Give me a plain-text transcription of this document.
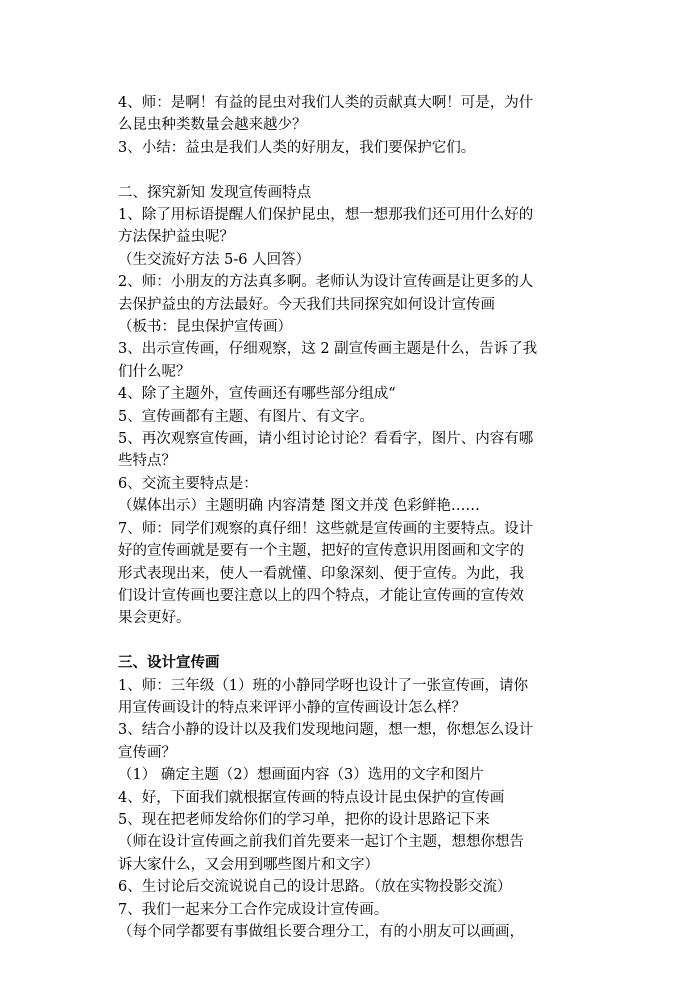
4、师：是啊！有益的昆虫对我们人类的贡献真大啊！可是，为什
么昆虫种类数量会越来越少？
3、小结：益虫是我们人类的好朋友，我们要保护它们。
二、探究新知 发现宣传画特点
1、除了用标语提醒人们保护昆虫，想一想那我们还可用什么好的
方法保护益虫呢？
（生交流好方法 5-6 人回答）
2、师：小朋友的方法真多啊。老师认为设计宣传画是让更多的人
去保护益虫的方法最好。今天我们共同探究如何设计宣传画
（板书：昆虫保护宣传画）
3、出示宣传画，仔细观察，这 2 副宣传画主题是什么，告诉了我
们什么呢？
4、除了主题外，宣传画还有哪些部分组成“
5、宣传画都有主题、有图片、有文字。
5、再次观察宣传画，请小组讨论讨论？看看字，图片、内容有哪
些特点？
6、交流主要特点是：
（媒体出示）主题明确 内容清楚 图文并茂 色彩鲜艳……
7、师：同学们观察的真仔细！这些就是宣传画的主要特点。设计
好的宣传画就是要有一个主题，把好的宣传意识用图画和文字的
形式表现出来，使人一看就懂、印象深刻、便于宣传。为此，我
们设计宣传画也要注意以上的四个特点，才能让宣传画的宣传效
果会更好。
三、设计宣传画
1、师：三年级（1）班的小静同学呀也设计了一张宣传画，请你
用宣传画设计的特点来评评小静的宣传画设计怎么样？
3、结合小静的设计以及我们发现地问题，想一想，你想怎么设计
宣传画？
（1） 确定主题（2）想画面内容（3）选用的文字和图片
4、好，下面我们就根据宣传画的特点设计昆虫保护的宣传画
5、现在把老师发给你们的学习单，把你的设计思路记下来
（师在设计宣传画之前我们首先要来一起订个主题，想想你想告
诉大家什么，又会用到哪些图片和文字）
6、生讨论后交流说说自己的设计思路。（放在实物投影交流）
7、我们一起来分工合作完成设计宣传画。
（每个同学都要有事做组长要合理分工，有的小朋友可以画画，
